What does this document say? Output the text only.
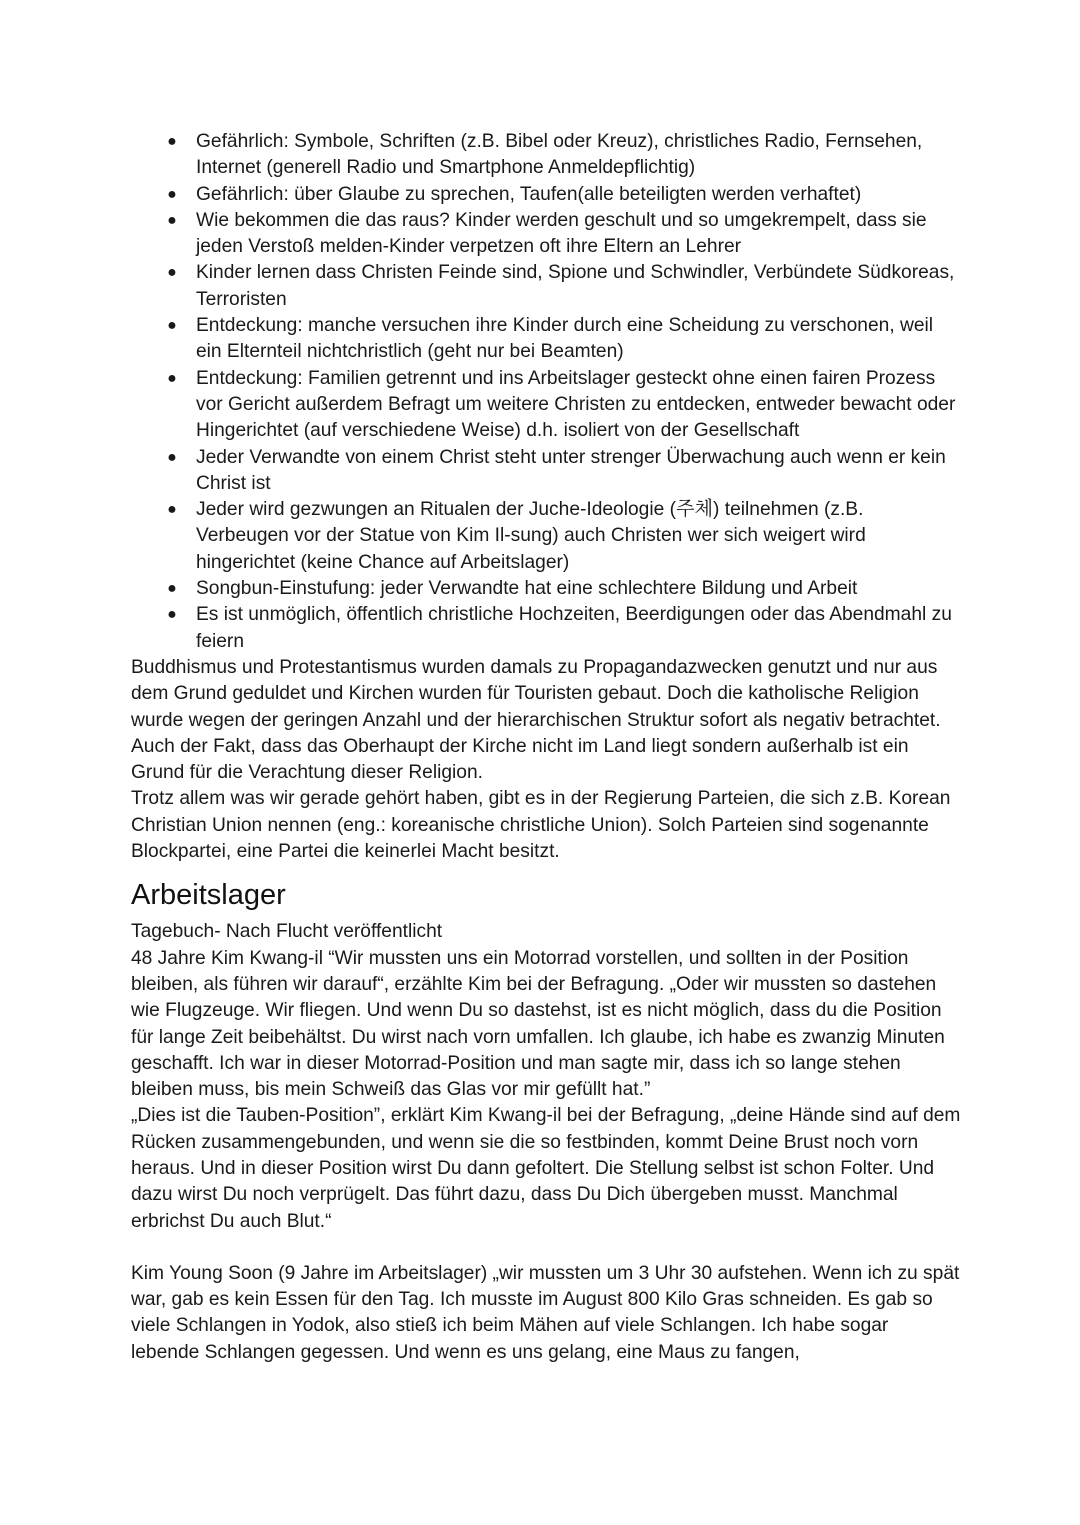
● Gefährlich: Symbole, Schriften (z.B. Bibel oder Kreuz), christliches Radio, Fernsehen, Internet (generell Radio und Smartphone Anmeldepflichtig)
● Gefährlich: über Glaube zu sprechen, Taufen(alle beteiligten werden verhaftet)
● Wie bekommen die das raus? Kinder werden geschult und so umgekrempelt, dass sie jeden Verstoß melden-Kinder verpetzen oft ihre Eltern an Lehrer
● Kinder lernen dass Christen Feinde sind, Spione und Schwindler, Verbündete Südkoreas, Terroristen
● Entdeckung: manche versuchen ihre Kinder durch eine Scheidung zu verschonen, weil ein Elternteil nichtchristlich (geht nur bei Beamten)
● Entdeckung: Familien getrennt und ins Arbeitslager gesteckt ohne einen fairen Prozess vor Gericht außerdem Befragt um weitere Christen zu entdecken, entweder bewacht oder Hingerichtet (auf verschiedene Weise) d.h. isoliert von der Gesellschaft
● Jeder Verwandte von einem Christ steht unter strenger Überwachung auch wenn er kein Christ ist
● Jeder wird gezwungen an Ritualen der Juche-Ideologie (주체) teilnehmen (z.B. Verbeugen vor der Statue von Kim Il-sung) auch Christen wer sich weigert wird hingerichtet (keine Chance auf Arbeitslager)
● Songbun-Einstufung: jeder Verwandte hat eine schlechtere Bildung und Arbeit
● Es ist unmöglich, öffentlich christliche Hochzeiten, Beerdigungen oder das Abendmahl zu feiern

Buddhismus und Protestantismus wurden damals zu Propagandazwecken genutzt und nur aus dem Grund geduldet und Kirchen wurden für Touristen gebaut. Doch die katholische Religion wurde wegen der geringen Anzahl und der hierarchischen Struktur sofort als negativ betrachtet. Auch der Fakt, dass das Oberhaupt der Kirche nicht im Land liegt sondern außerhalb ist ein Grund für die Verachtung dieser Religion.

Trotz allem was wir gerade gehört haben, gibt es in der Regierung Parteien, die sich z.B. Korean Christian Union nennen (eng.: koreanische christliche Union). Solch Parteien sind sogenannte Blockpartei, eine Partei die keinerlei Macht besitzt.

Arbeitslager

Tagebuch- Nach Flucht veröffentlicht

48 Jahre Kim Kwang-il “Wir mussten uns ein Motorrad vorstellen, und sollten in der Position bleiben, als führen wir darauf“, erzählte Kim bei der Befragung. „Oder wir mussten so dastehen wie Flugzeuge. Wir fliegen. Und wenn Du so dastehst, ist es nicht möglich, dass du die Position für lange Zeit beibehältst. Du wirst nach vorn umfallen. Ich glaube, ich habe es zwanzig Minuten geschafft. Ich war in dieser Motorrad-Position und man sagte mir, dass ich so lange stehen bleiben muss, bis mein Schweiß das Glas vor mir gefüllt hat.”

„Dies ist die Tauben-Position”, erklärt Kim Kwang-il bei der Befragung, „deine Hände sind auf dem Rücken zusammengebunden, und wenn sie die so festbinden, kommt Deine Brust noch vorn heraus. Und in dieser Position wirst Du dann gefoltert. Die Stellung selbst ist schon Folter. Und dazu wirst Du noch verprügelt. Das führt dazu, dass Du Dich übergeben musst. Manchmal erbrichst Du auch Blut.“

Kim Young Soon (9 Jahre im Arbeitslager) „wir mussten um 3 Uhr 30 aufstehen. Wenn ich zu spät war, gab es kein Essen für den Tag. Ich musste im August 800 Kilo Gras schneiden. Es gab so viele Schlangen in Yodok, also stieß ich beim Mähen auf viele Schlangen. Ich habe sogar lebende Schlangen gegessen. Und wenn es uns gelang, eine Maus zu fangen,
